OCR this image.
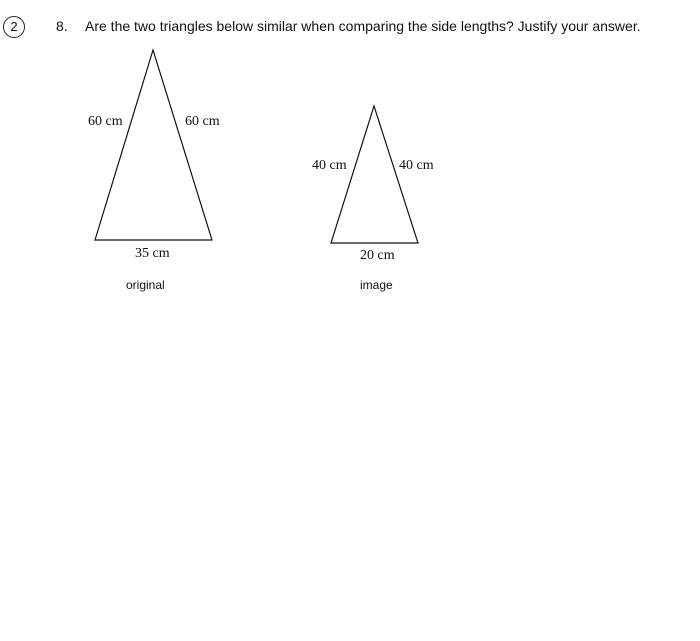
2	8. Are the two triangles below similar when comparing the side lengths? Justify your answer.
60 cm	60 cm
35 cm
original
40 cm	40 cm
20 cm
image
